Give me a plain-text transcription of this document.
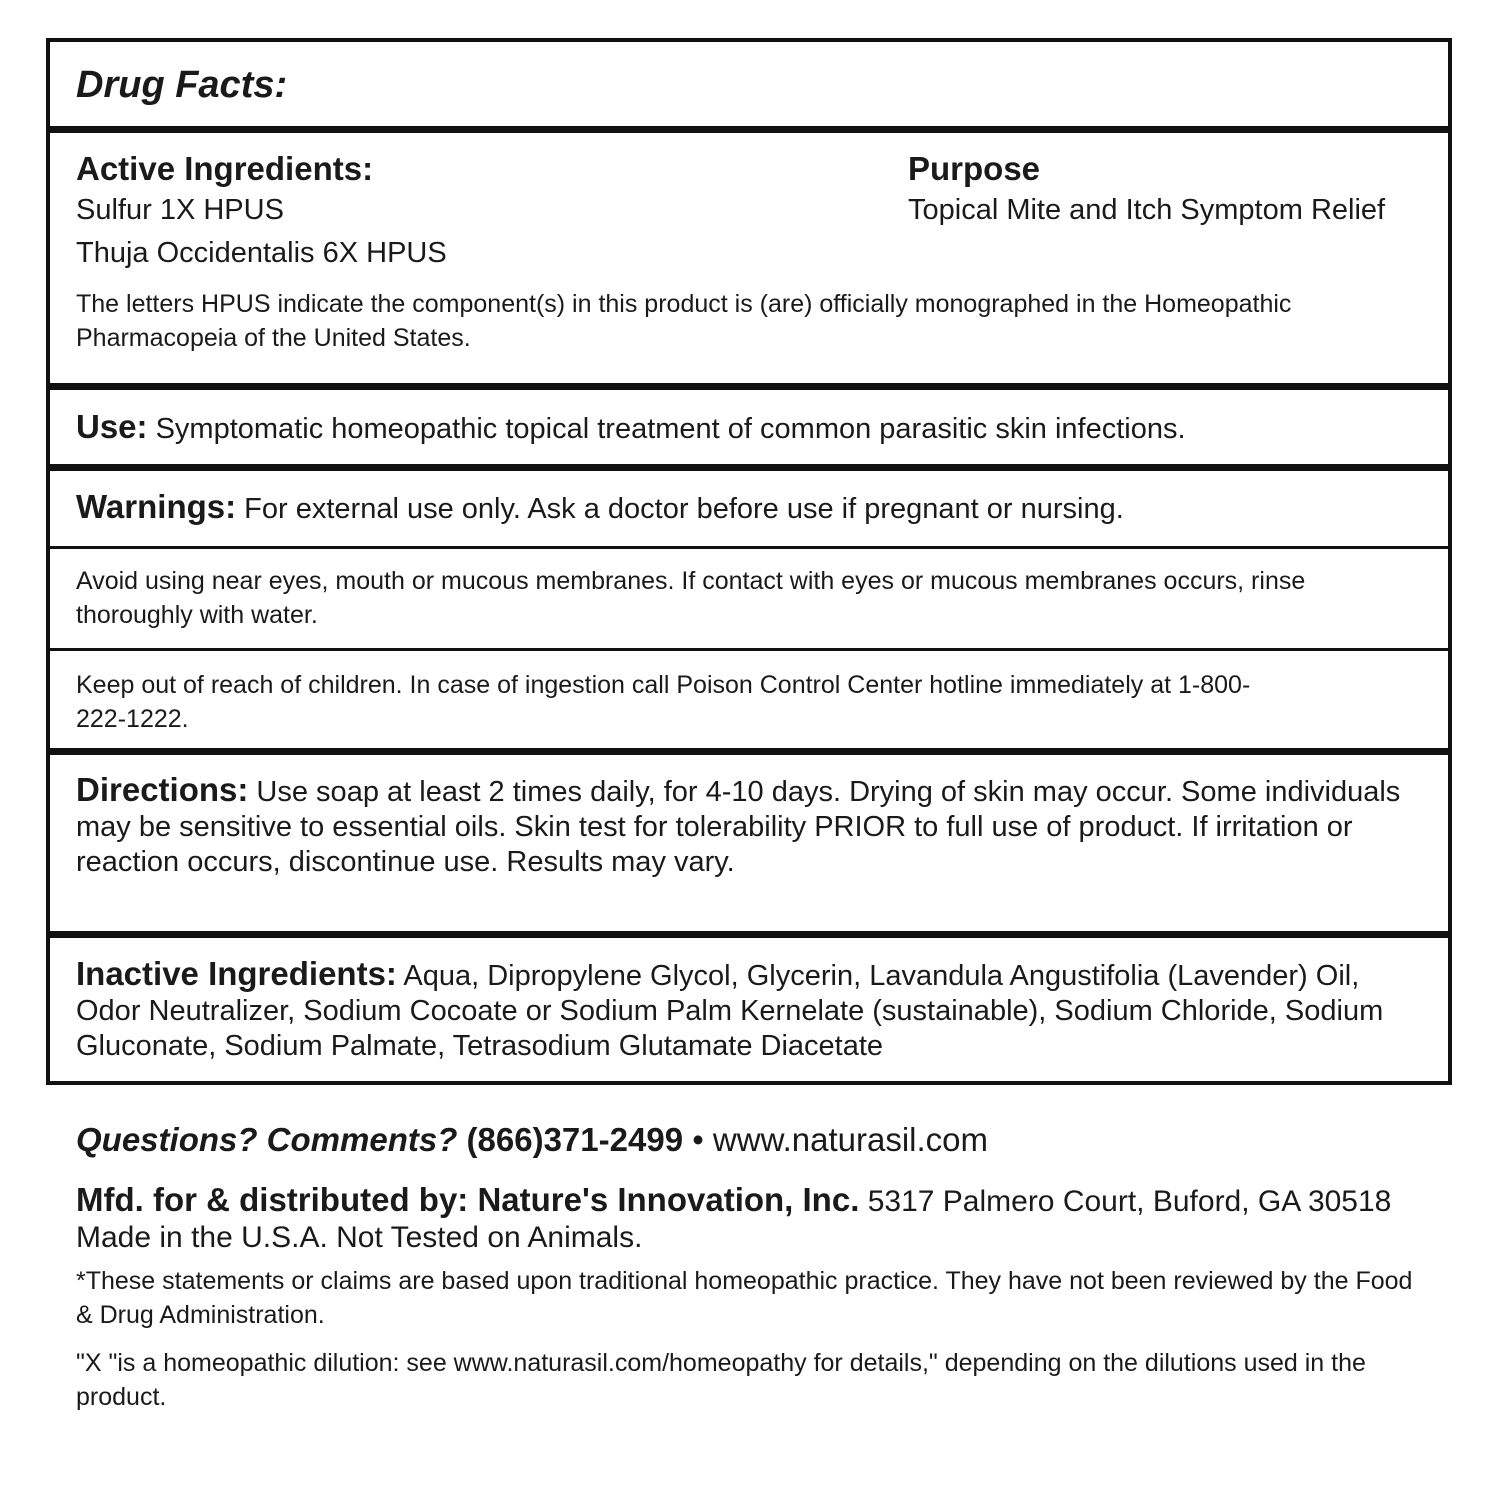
Drug Facts:
Active Ingredients:
Sulfur 1X HPUS
Thuja Occidentalis 6X HPUS
Purpose
Topical Mite and Itch Symptom Relief
The letters HPUS indicate the component(s) in this product is (are) officially monographed in the Homeopathic Pharmacopeia of the United States.
Use: Symptomatic homeopathic topical treatment of common parasitic skin infections.
Warnings: For external use only. Ask a doctor before use if pregnant or nursing.
Avoid using near eyes, mouth or mucous membranes. If contact with eyes or mucous membranes occurs, rinse thoroughly with water.
Keep out of reach of children. In case of ingestion call Poison Control Center hotline immediately at 1-800-222-1222.
Directions: Use soap at least 2 times daily, for 4-10 days. Drying of skin may occur. Some individuals may be sensitive to essential oils. Skin test for tolerability PRIOR to full use of product. If irritation or reaction occurs, discontinue use. Results may vary.
Inactive Ingredients: Aqua, Dipropylene Glycol, Glycerin, Lavandula Angustifolia (Lavender) Oil, Odor Neutralizer, Sodium Cocoate or Sodium Palm Kernelate (sustainable), Sodium Chloride, Sodium Gluconate, Sodium Palmate, Tetrasodium Glutamate Diacetate
Questions? Comments? (866)371-2499 • www.naturasil.com
Mfd. for & distributed by: Nature's Innovation, Inc. 5317 Palmero Court, Buford, GA 30518
Made in the U.S.A. Not Tested on Animals.
*These statements or claims are based upon traditional homeopathic practice. They have not been reviewed by the Food & Drug Administration.
"X "is a homeopathic dilution: see www.naturasil.com/homeopathy for details," depending on the dilutions used in the product.
